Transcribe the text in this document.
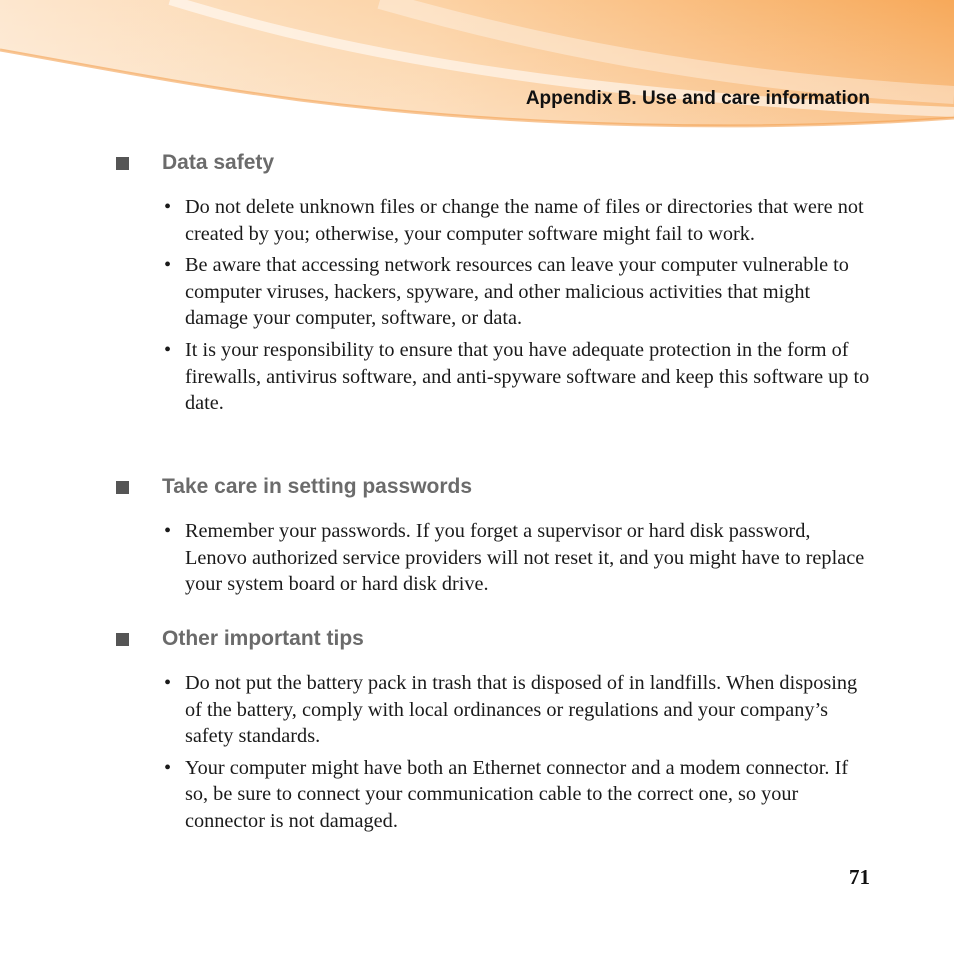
Appendix B. Use and care information
Data safety
• Do not delete unknown files or change the name of files or directories that were not created by you; otherwise, your computer software might fail to work.
• Be aware that accessing network resources can leave your computer vulnerable to computer viruses, hackers, spyware, and other malicious activities that might damage your computer, software, or data.
• It is your responsibility to ensure that you have adequate protection in the form of firewalls, antivirus software, and anti-spyware software and keep this software up to date.
Take care in setting passwords
• Remember your passwords. If you forget a supervisor or hard disk password, Lenovo authorized service providers will not reset it, and you might have to replace your system board or hard disk drive.
Other important tips
• Do not put the battery pack in trash that is disposed of in landfills. When disposing of the battery, comply with local ordinances or regulations and your company’s safety standards.
• Your computer might have both an Ethernet connector and a modem connector. If so, be sure to connect your communication cable to the correct one, so your connector is not damaged.
71
